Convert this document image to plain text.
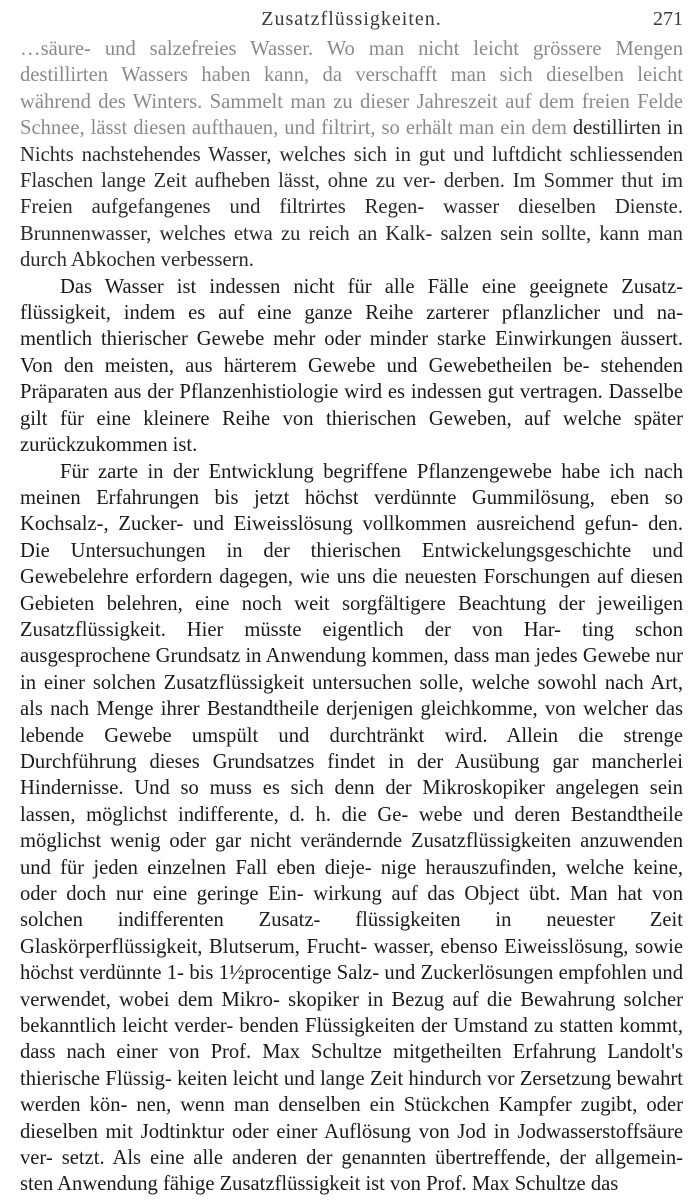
Zusatzflüssigkeiten.	271

…säure- und salzefreies Wasser. Wo man nicht leicht grössere Mengen destillirten Wassers haben kann, da verschafft man sich dieselben leicht während des Winters. Sammelt man zu dieser Jahreszeit auf dem freien Felde Schnee, lässt diesen aufthauen, und filtrirt, so erhält man ein dem destillirten in Nichts nachstehendes Wasser, welches sich in gut und luftdicht schliessenden Flaschen lange Zeit aufheben lässt, ohne zu ver- derben. Im Sommer thut im Freien aufgefangenes und filtrirtes Regen- wasser dieselben Dienste. Brunnenwasser, welches etwa zu reich an Kalk- salzen sein sollte, kann man durch Abkochen verbessern.

Das Wasser ist indessen nicht für alle Fälle eine geeignete Zusatz- flüssigkeit, indem es auf eine ganze Reihe zarterer pflanzlicher und na- mentlich thierischer Gewebe mehr oder minder starke Einwirkungen äussert. Von den meisten, aus härterem Gewebe und Gewebetheilen be- stehenden Präparaten aus der Pflanzenhistiologie wird es indessen gut vertragen. Dasselbe gilt für eine kleinere Reihe von thierischen Geweben, auf welche später zurückzukommen ist.

Für zarte in der Entwicklung begriffene Pflanzengewebe habe ich nach meinen Erfahrungen bis jetzt höchst verdünnte Gummilösung, eben so Kochsalz-, Zucker- und Eiweisslösung vollkommen ausreichend gefun- den. Die Untersuchungen in der thierischen Entwickelungsgeschichte und Gewebelehre erfordern dagegen, wie uns die neuesten Forschungen auf diesen Gebieten belehren, eine noch weit sorgfältigere Beachtung der jeweiligen Zusatzflüssigkeit. Hier müsste eigentlich der von Har- ting schon ausgesprochene Grundsatz in Anwendung kommen, dass man jedes Gewebe nur in einer solchen Zusatzflüssigkeit untersuchen solle, welche sowohl nach Art, als nach Menge ihrer Bestandtheile derjenigen gleichkomme, von welcher das lebende Gewebe umspült und durchtränkt wird. Allein die strenge Durchführung dieses Grundsatzes findet in der Ausübung gar mancherlei Hindernisse. Und so muss es sich denn der Mikroskopiker angelegen sein lassen, möglichst indifferente, d. h. die Ge- webe und deren Bestandtheile möglichst wenig oder gar nicht verändernde Zusatzflüssigkeiten anzuwenden und für jeden einzelnen Fall eben dieje- nige herauszufinden, welche keine, oder doch nur eine geringe Ein- wirkung auf das Object übt. Man hat von solchen indifferenten Zusatz- flüssigkeiten in neuester Zeit Glaskörperflüssigkeit, Blutserum, Frucht- wasser, ebenso Eiweisslösung, sowie höchst verdünnte 1- bis 1½procentige Salz- und Zuckerlösungen empfohlen und verwendet, wobei dem Mikro- skopiker in Bezug auf die Bewahrung solcher bekanntlich leicht verder- benden Flüssigkeiten der Umstand zu statten kommt, dass nach einer von Prof. Max Schultze mitgetheilten Erfahrung Landolt's thierische Flüssig- keiten leicht und lange Zeit hindurch vor Zersetzung bewahrt werden kön- nen, wenn man denselben ein Stückchen Kampfer zugibt, oder dieselben mit Jodtinktur oder einer Auflösung von Jod in Jodwasserstoffsäure ver- setzt. Als eine alle anderen der genannten übertreffende, der allgemein- sten Anwendung fähige Zusatzflüssigkeit ist von Prof. Max Schultze das
